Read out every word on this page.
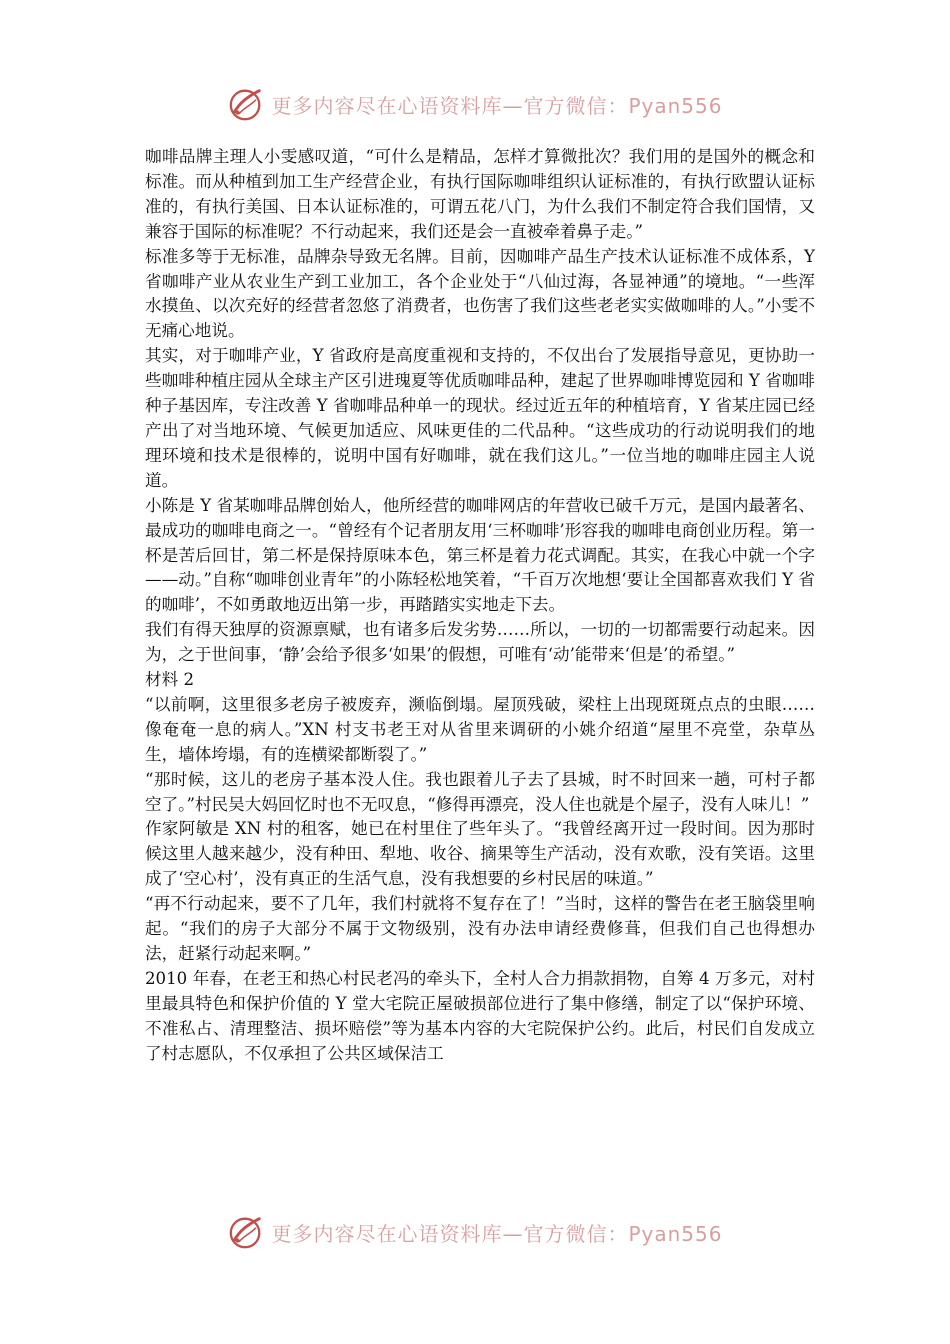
更多内容尽在心语资料库—官方微信：Pyan556

咖啡品牌主理人小雯感叹道，“可什么是精品，怎样才算微批次？我们用的是国外的概念和标准。而从种植到加工生产经营企业，有执行国际咖啡组织认证标准的，有执行欧盟认证标准的，有执行美国、日本认证标准的，可谓五花八门，为什么我们不制定符合我们国情，又兼容于国际的标准呢？不行动起来，我们还是会一直被牵着鼻子走。”

标准多等于无标准，品牌杂导致无名牌。目前，因咖啡产品生产技术认证标准不成体系，Y 省咖啡产业从农业生产到工业加工，各个企业处于“八仙过海，各显神通”的境地。“一些浑水摸鱼、以次充好的经营者忽悠了消费者，也伤害了我们这些老老实实做咖啡的人。”小雯不无痛心地说。

其实，对于咖啡产业，Y 省政府是高度重视和支持的，不仅出台了发展指导意见，更协助一些咖啡种植庄园从全球主产区引进瑰夏等优质咖啡品种，建起了世界咖啡博览园和 Y 省咖啡种子基因库，专注改善 Y 省咖啡品种单一的现状。经过近五年的种植培育，Y 省某庄园已经产出了对当地环境、气候更加适应、风味更佳的二代品种。“这些成功的行动说明我们的地理环境和技术是很棒的，说明中国有好咖啡，就在我们这儿。”一位当地的咖啡庄园主人说道。

小陈是 Y 省某咖啡品牌创始人，他所经营的咖啡网店的年营收已破千万元，是国内最著名、最成功的咖啡电商之一。“曾经有个记者朋友用‘三杯咖啡’形容我的咖啡电商创业历程。第一杯是苦后回甘，第二杯是保持原味本色，第三杯是着力花式调配。其实，在我心中就一个字——动。”自称“咖啡创业青年”的小陈轻松地笑着，“千百万次地想‘要让全国都喜欢我们 Y 省的咖啡’，不如勇敢地迈出第一步，再踏踏实实地走下去。

我们有得天独厚的资源禀赋，也有诸多后发劣势……所以，一切的一切都需要行动起来。因为，之于世间事，‘静’会给予很多‘如果’的假想，可唯有‘动’能带来‘但是’的希望。”

材料 2

“以前啊，这里很多老房子被废弃，濒临倒塌。屋顶残破，梁柱上出现斑斑点点的虫眼……像奄奄一息的病人。”XN 村支书老王对从省里来调研的小姚介绍道“屋里不亮堂，杂草丛生，墙体垮塌，有的连横梁都断裂了。”

“那时候，这儿的老房子基本没人住。我也跟着儿子去了县城，时不时回来一趟，可村子都空了。”村民吴大妈回忆时也不无叹息，“修得再漂亮，没人住也就是个屋子，没有人味儿！”

作家阿敏是 XN 村的租客，她已在村里住了些年头了。“我曾经离开过一段时间。因为那时候这里人越来越少，没有种田、犁地、收谷、摘果等生产活动，没有欢歌，没有笑语。这里成了‘空心村’，没有真正的生活气息，没有我想要的乡村民居的味道。”

“再不行动起来，要不了几年，我们村就将不复存在了！”当时，这样的警告在老王脑袋里响起。“我们的房子大部分不属于文物级别，没有办法申请经费修葺，但我们自己也得想办法，赶紧行动起来啊。”

2010 年春，在老王和热心村民老冯的牵头下，全村人合力捐款捐物，自筹 4 万多元，对村里最具特色和保护价值的 Y 堂大宅院正屋破损部位进行了集中修缮，制定了以“保护环境、不准私占、清理整洁、损坏赔偿”等为基本内容的大宅院保护公约。此后，村民们自发成立了村志愿队，不仅承担了公共区域保洁工

更多内容尽在心语资料库—官方微信：Pyan556
